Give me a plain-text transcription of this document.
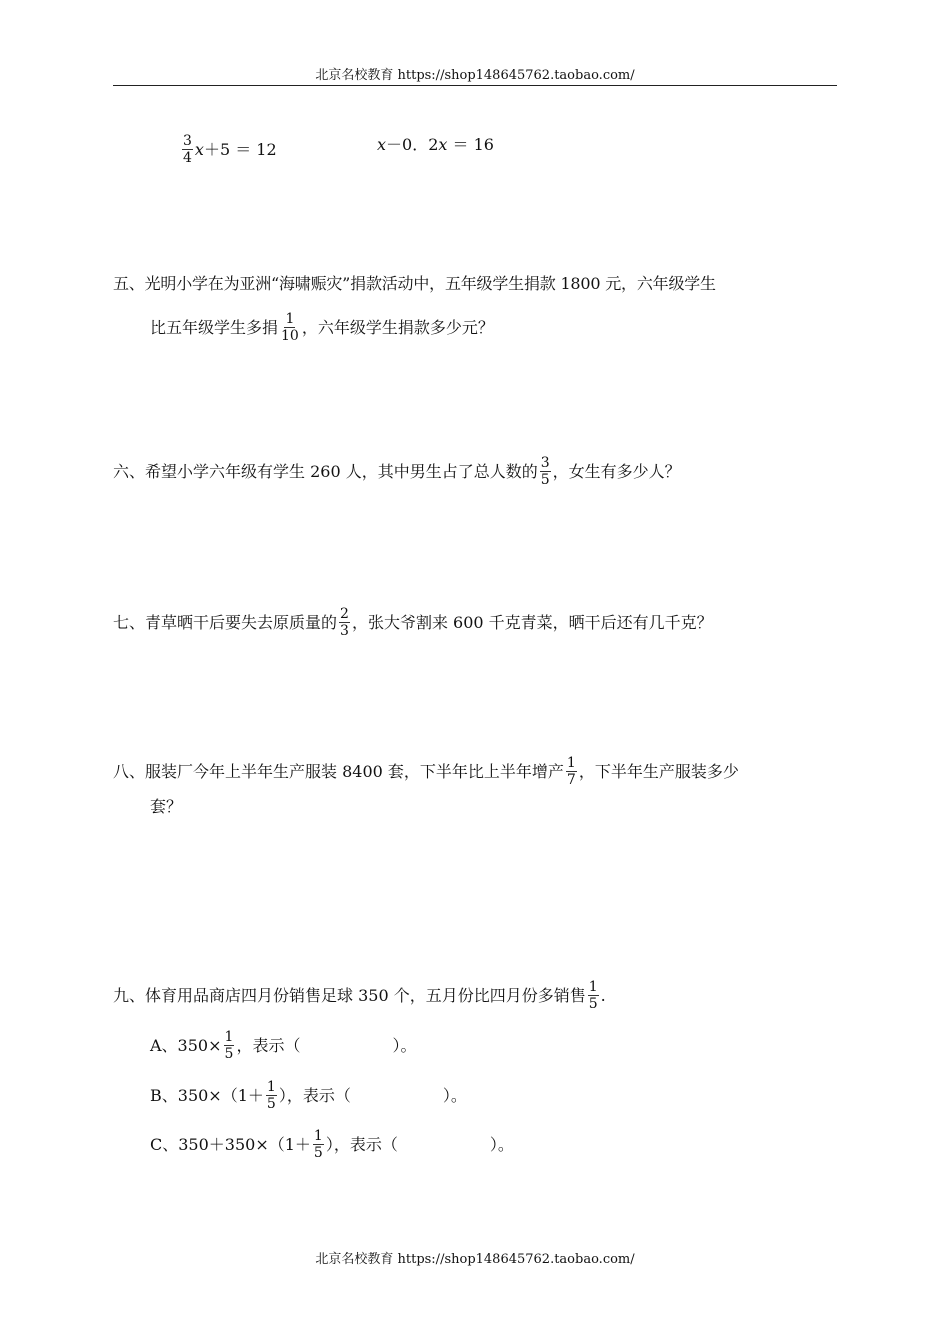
北京名校教育 https://shop148645762.taobao.com/
$\frac{3}{4} x+5 = 12$	x－0．2x ＝ 16
五、光明小学在为亚洲“海啸赈灾”捐款活动中，五年级学生捐款 1800 元，六年级学生
比五年级学生多捐 $\frac{1}{10}$ ，六年级学生捐款多少元？
六、希望小学六年级有学生 260 人，其中男生占了总人数的 $\frac{3}{5}$ ，女生有多少人？
七、青草晒干后要失去原质量的 $\frac{2}{3}$ ，张大爷割来 600 千克青菜，晒干后还有几千克？
八、服装厂今年上半年生产服装 8400 套，下半年比上半年增产 $\frac{1}{7}$ ，下半年生产服装多少
套？
九、体育用品商店四月份销售足球 350 个，五月份比四月份多销售 $\frac{1}{5}$ .
A、$350\times \frac{1}{5}$ ，表示（	）。
B、$350\times(1+ \frac{1}{5}$ ），表示（	）。
C、$350+350\times(1+ \frac{1}{5}$ ），表示（	）。
北京名校教育 https://shop148645762.taobao.com/
